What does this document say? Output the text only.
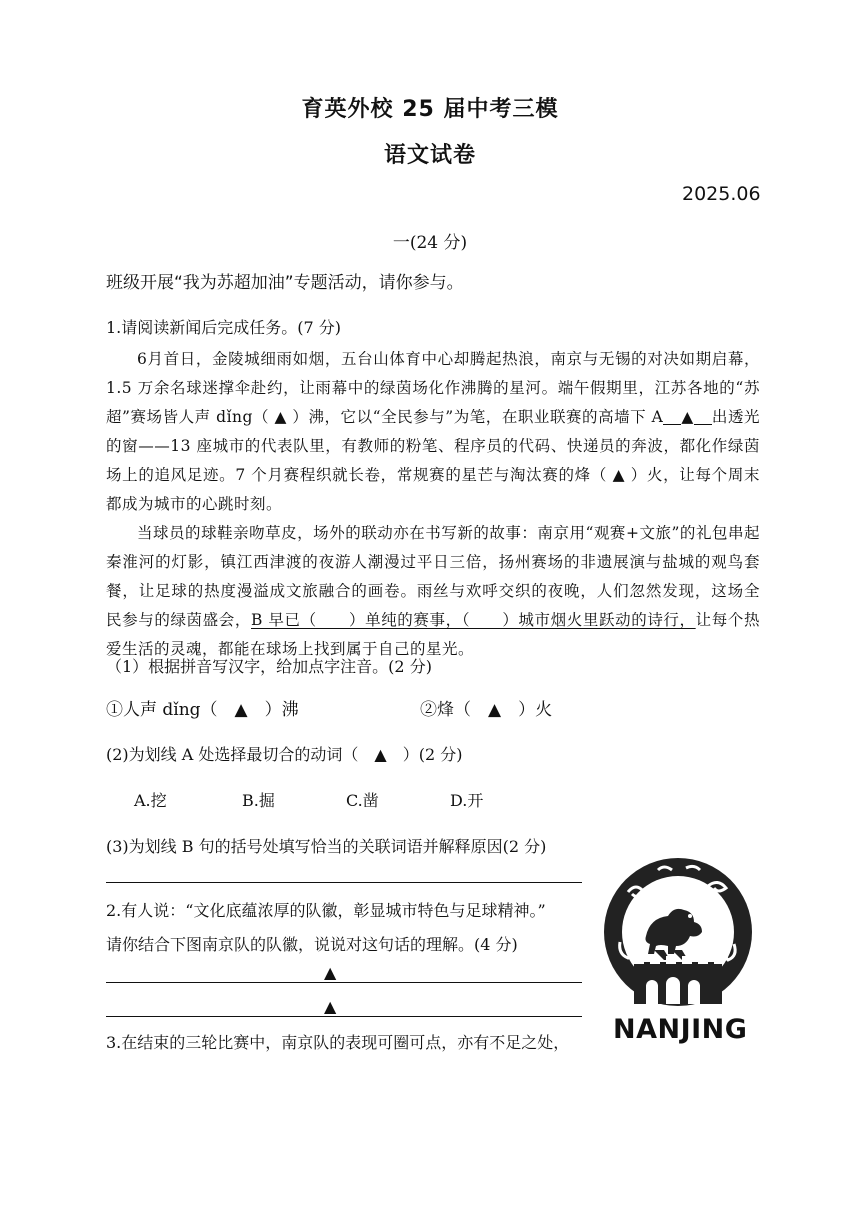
育英外校 25 届中考三模
语文试卷
2025.06
一(24 分)
班级开展“我为苏超加油”专题活动，请你参与。
1.请阅读新闻后完成任务。(7 分)

6月首日，金陵城细雨如烟，五台山体育中心却腾起热浪，南京与无锡的对决如期启幕，1.5 万余名球迷撑伞赴约，让雨幕中的绿茵场化作沸腾的星河。端午假期里，江苏各地的“苏超”赛场皆人声 dǐng（ ▲ ）沸，它以“全民参与”为笔，在职业联赛的高墙下 A ▲ 出透光的窗——13 座城市的代表队里，有教师的粉笔、程序员的代码、快递员的奔波，都化作绿茵场上的追风足迹。7 个月赛程织就长卷，常规赛的星芒与淘汰赛的烽（ ▲ ）火，让每个周末都成为城市的心跳时刻。

当球员的球鞋亲吻草皮，场外的联动亦在书写新的故事：南京用“观赛+文旅”的礼包串起秦淮河的灯影，镇江西津渡的夜游人潮漫过平日三倍，扬州赛场的非遗展演与盐城的观鸟套餐，让足球的热度漫溢成文旅融合的画卷。雨丝与欢呼交织的夜晚，人们忽然发现，这场全民参与的绿茵盛会，B 早已（　　）单纯的赛事，（　　）城市烟火里跃动的诗行，让每个热爱生活的灵魂，都能在球场上找到属于自己的星光。

（1）根据拼音写汉字，给加点字注音。(2 分)
①人声 dǐng（　▲　）沸	②烽（　▲　）火
(2)为划线 A 处选择最切合的动词（　▲　）(2 分)
A.挖	B.掘	C.凿	D.开
(3)为划线 B 句的括号处填写恰当的关联词语并解释原因(2 分)
2.有人说：“文化底蕴浓厚的队徽，彰显城市特色与足球精神。”
请你结合下图南京队的队徽，说说对这句话的理解。(4 分)
▲
▲
3.在结束的三轮比赛中，南京队的表现可圈可点，亦有不足之处， NANJING
